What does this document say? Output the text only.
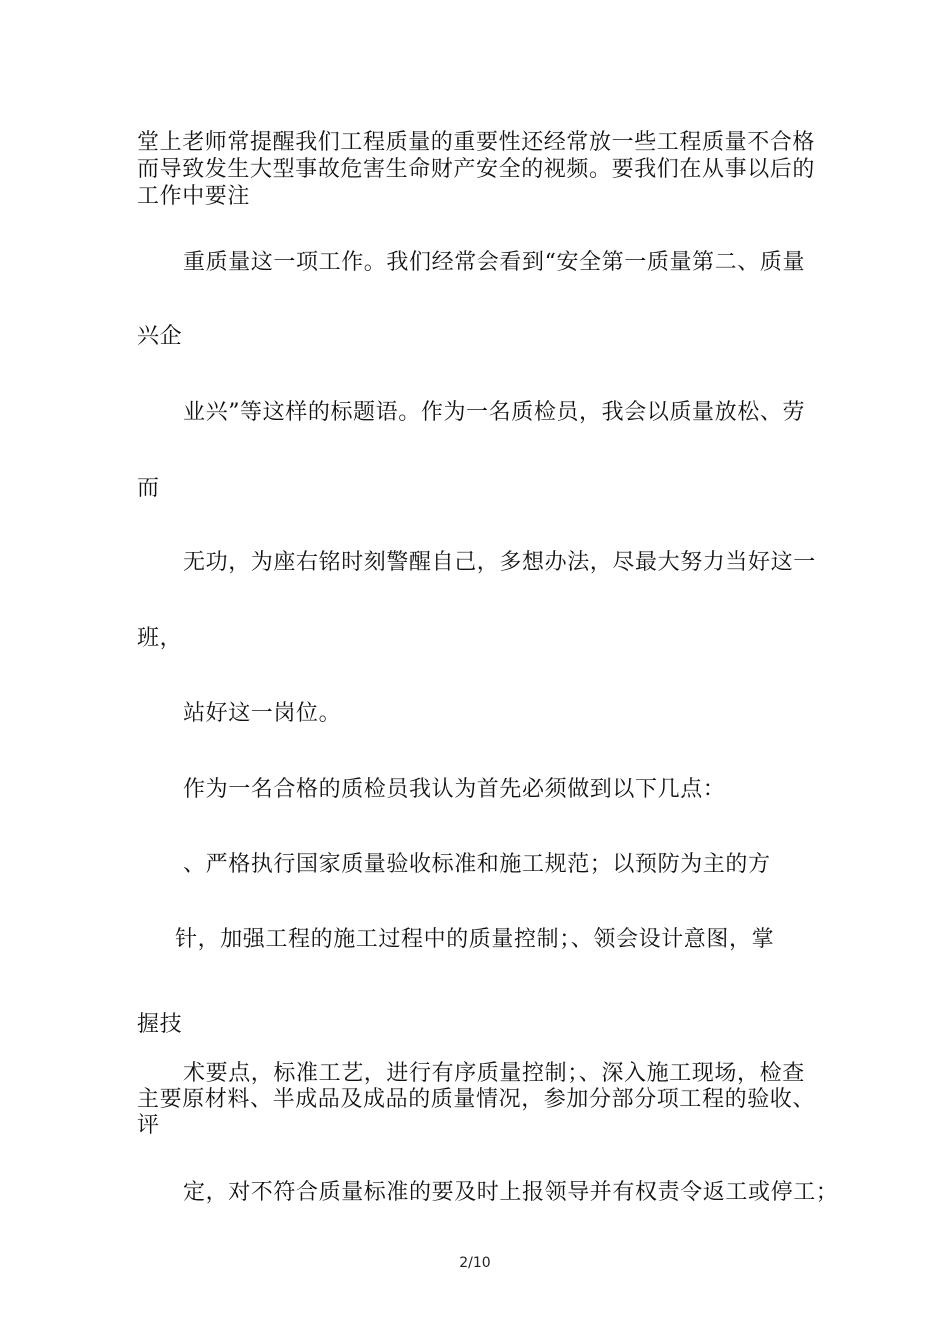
堂上老师常提醒我们工程质量的重要性还经常放一些工程质量不合格
而导致发生大型事故危害生命财产安全的视频。要我们在从事以后的
工作中要注
重质量这一项工作。我们经常会看到“安全第一质量第二、质量
兴企
业兴”等这样的标题语。作为一名质检员，我会以质量放松、劳
而
无功，为座右铭时刻警醒自己，多想办法，尽最大努力当好这一
班，
站好这一岗位。
作为一名合格的质检员我认为首先必须做到以下几点：
、严格执行国家质量验收标准和施工规范；以预防为主的方
针，加强工程的施工过程中的质量控制；、领会设计意图，掌
握技
术要点，标准工艺，进行有序质量控制；、深入施工现场，检查
主要原材料、半成品及成品的质量情况，参加分部分项工程的验收、
评
定，对不符合质量标准的要及时上报领导并有权责令返工或停工；
2/10
